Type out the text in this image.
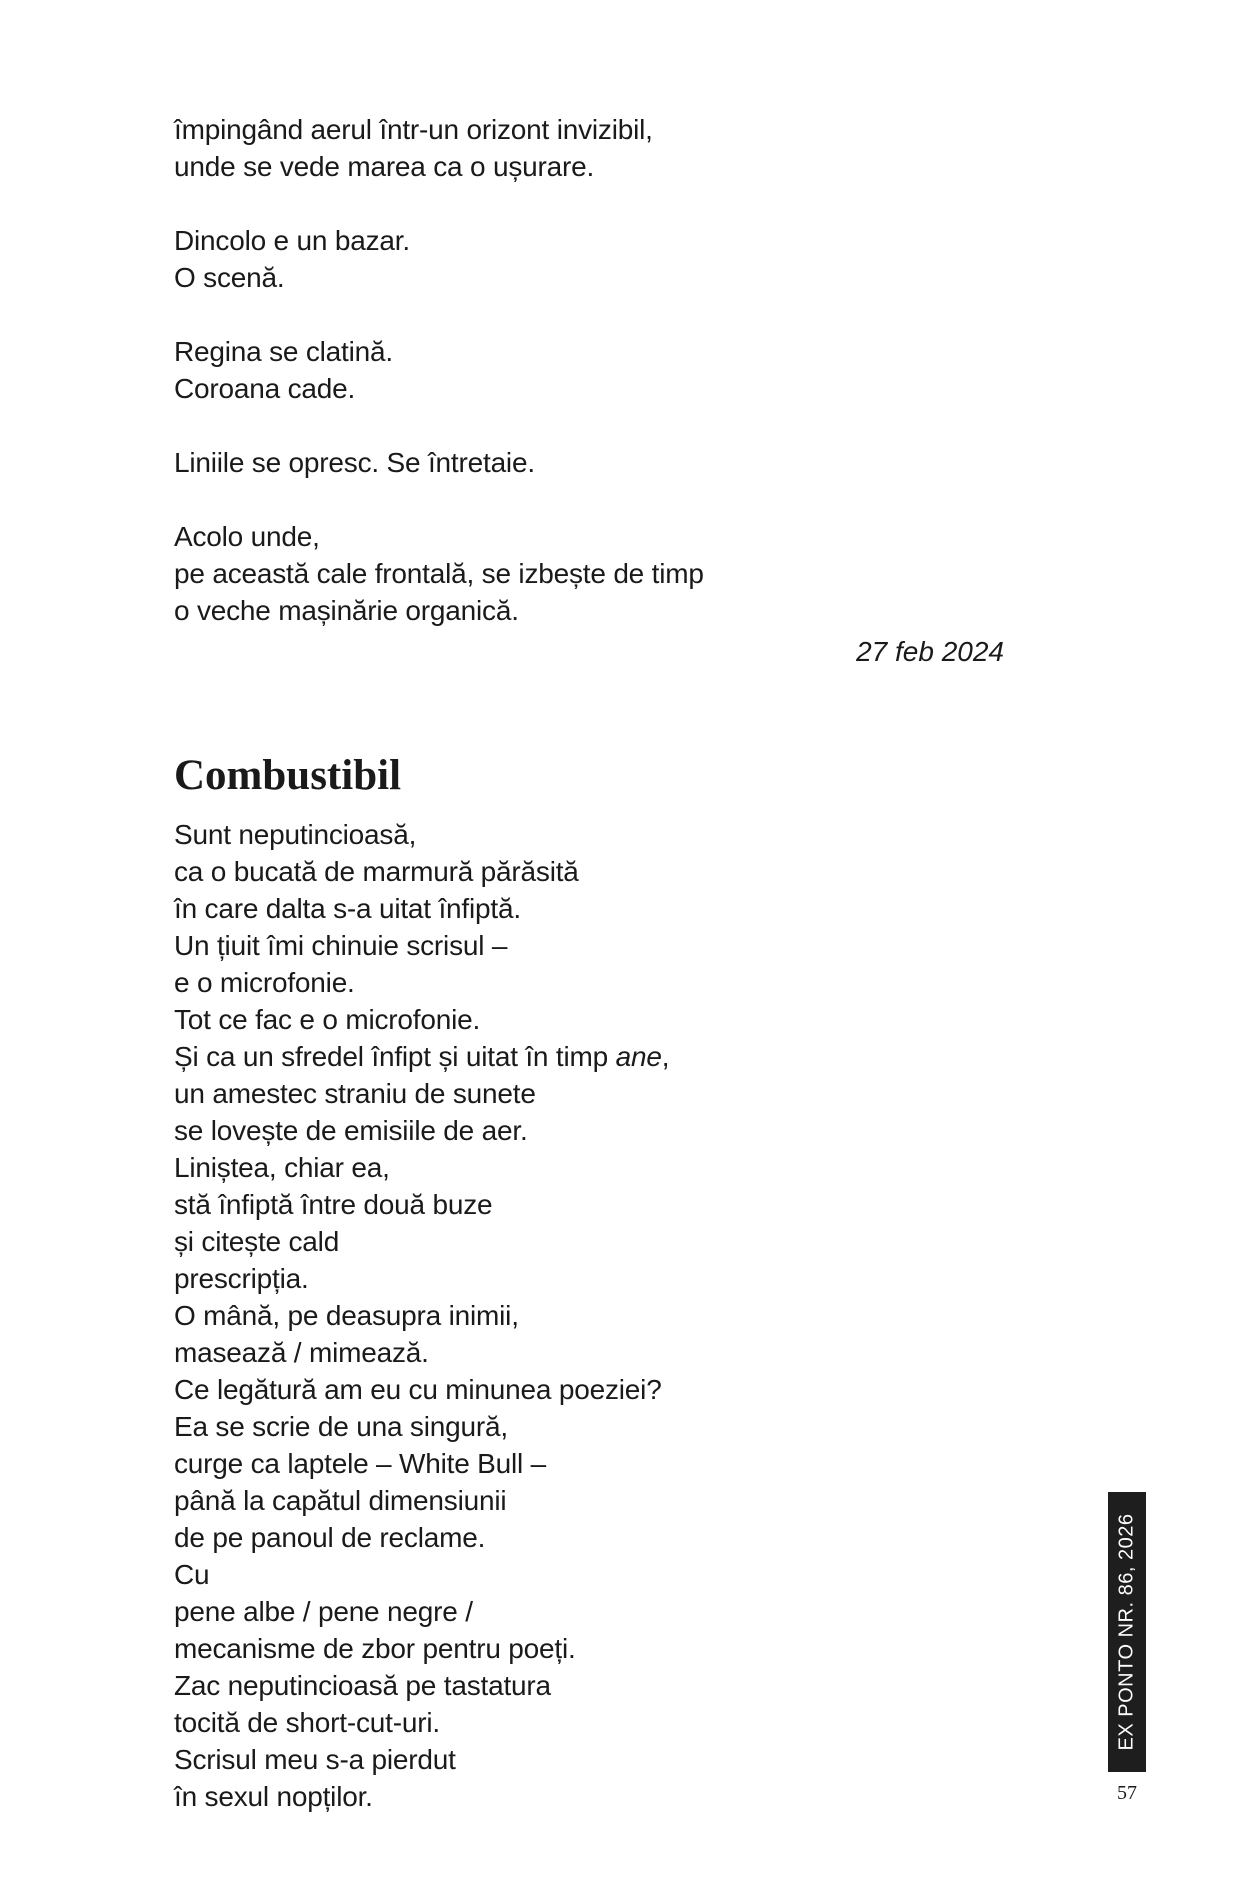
împingând aerul într-un orizont invizibil,
unde se vede marea ca o ușurare.
Dincolo e un bazar.
O scenă.
Regina se clatină.
Coroana cade.
Liniile se opresc. Se întretaie.
Acolo unde,
pe această cale frontală, se izbește de timp
o veche mașinărie organică.
27 feb 2024
Combustibil
Sunt neputincioasă,
ca o bucată de marmură părăsită
în care dalta s-a uitat înfiptă.
Un țiuit îmi chinuie scrisul –
e o microfonie.
Tot ce fac e o microfonie.
Și ca un sfredel înfipt și uitat în timp ane,
un amestec straniu de sunete
se lovește de emisiile de aer.
Liniștea, chiar ea,
stă înfiptă între două buze
și citește cald
prescripția.
O mână, pe deasupra inimii,
masează / mimează.
Ce legătură am eu cu minunea poeziei?
Ea se scrie de una singură,
curge ca laptele – White Bull –
până la capătul dimensiunii
de pe panoul de reclame.
Cu
pene albe / pene negre /
mecanisme de zbor pentru poeți.
Zac neputincioasă pe tastatura
tocită de short-cut-uri.
Scrisul meu s-a pierdut
în sexul nopților.
EX PONTO NR. 86, 2026
57
